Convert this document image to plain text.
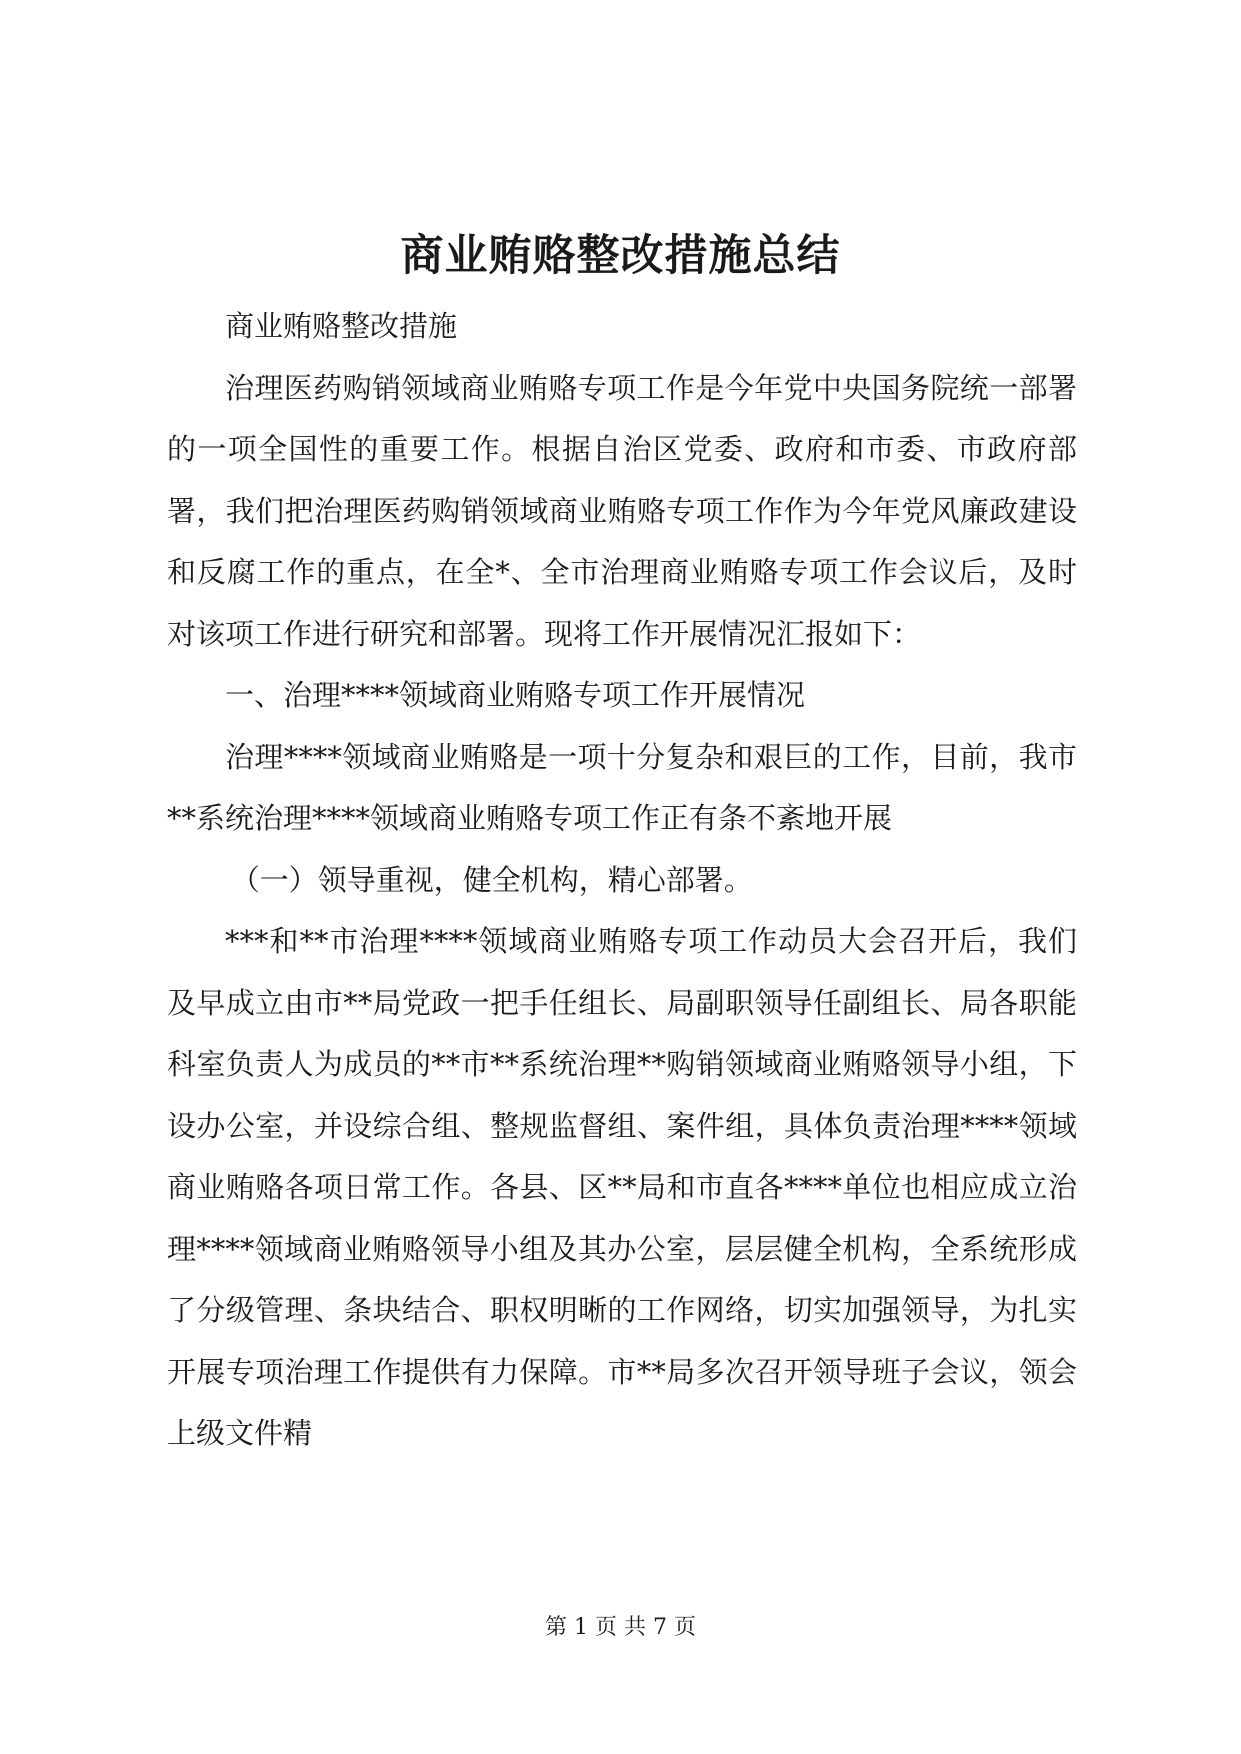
商业贿赂整改措施总结

商业贿赂整改措施

治理医药购销领域商业贿赂专项工作是今年党中央国务院统一部署的一项全国性的重要工作。根据自治区党委、政府和市委、市政府部署，我们把治理医药购销领域商业贿赂专项工作作为今年党风廉政建设和反腐工作的重点，在全*、全市治理商业贿赂专项工作会议后，及时对该项工作进行研究和部署。现将工作开展情况汇报如下：

一、治理****领域商业贿赂专项工作开展情况

治理****领域商业贿赂是一项十分复杂和艰巨的工作，目前，我市**系统治理****领域商业贿赂专项工作正有条不紊地开展

（一）领导重视，健全机构，精心部署。

***和**市治理****领域商业贿赂专项工作动员大会召开后，我们及早成立由市**局党政一把手任组长、局副职领导任副组长、局各职能科室负责人为成员的**市**系统治理**购销领域商业贿赂领导小组，下设办公室，并设综合组、整规监督组、案件组，具体负责治理****领域商业贿赂各项日常工作。各县、区**局和市直各****单位也相应成立治理****领域商业贿赂领导小组及其办公室，层层健全机构，全系统形成了分级管理、条块结合、职权明晰的工作网络，切实加强领导，为扎实开展专项治理工作提供有力保障。市**局多次召开领导班子会议，领会上级文件精

第 1 页 共 7 页
